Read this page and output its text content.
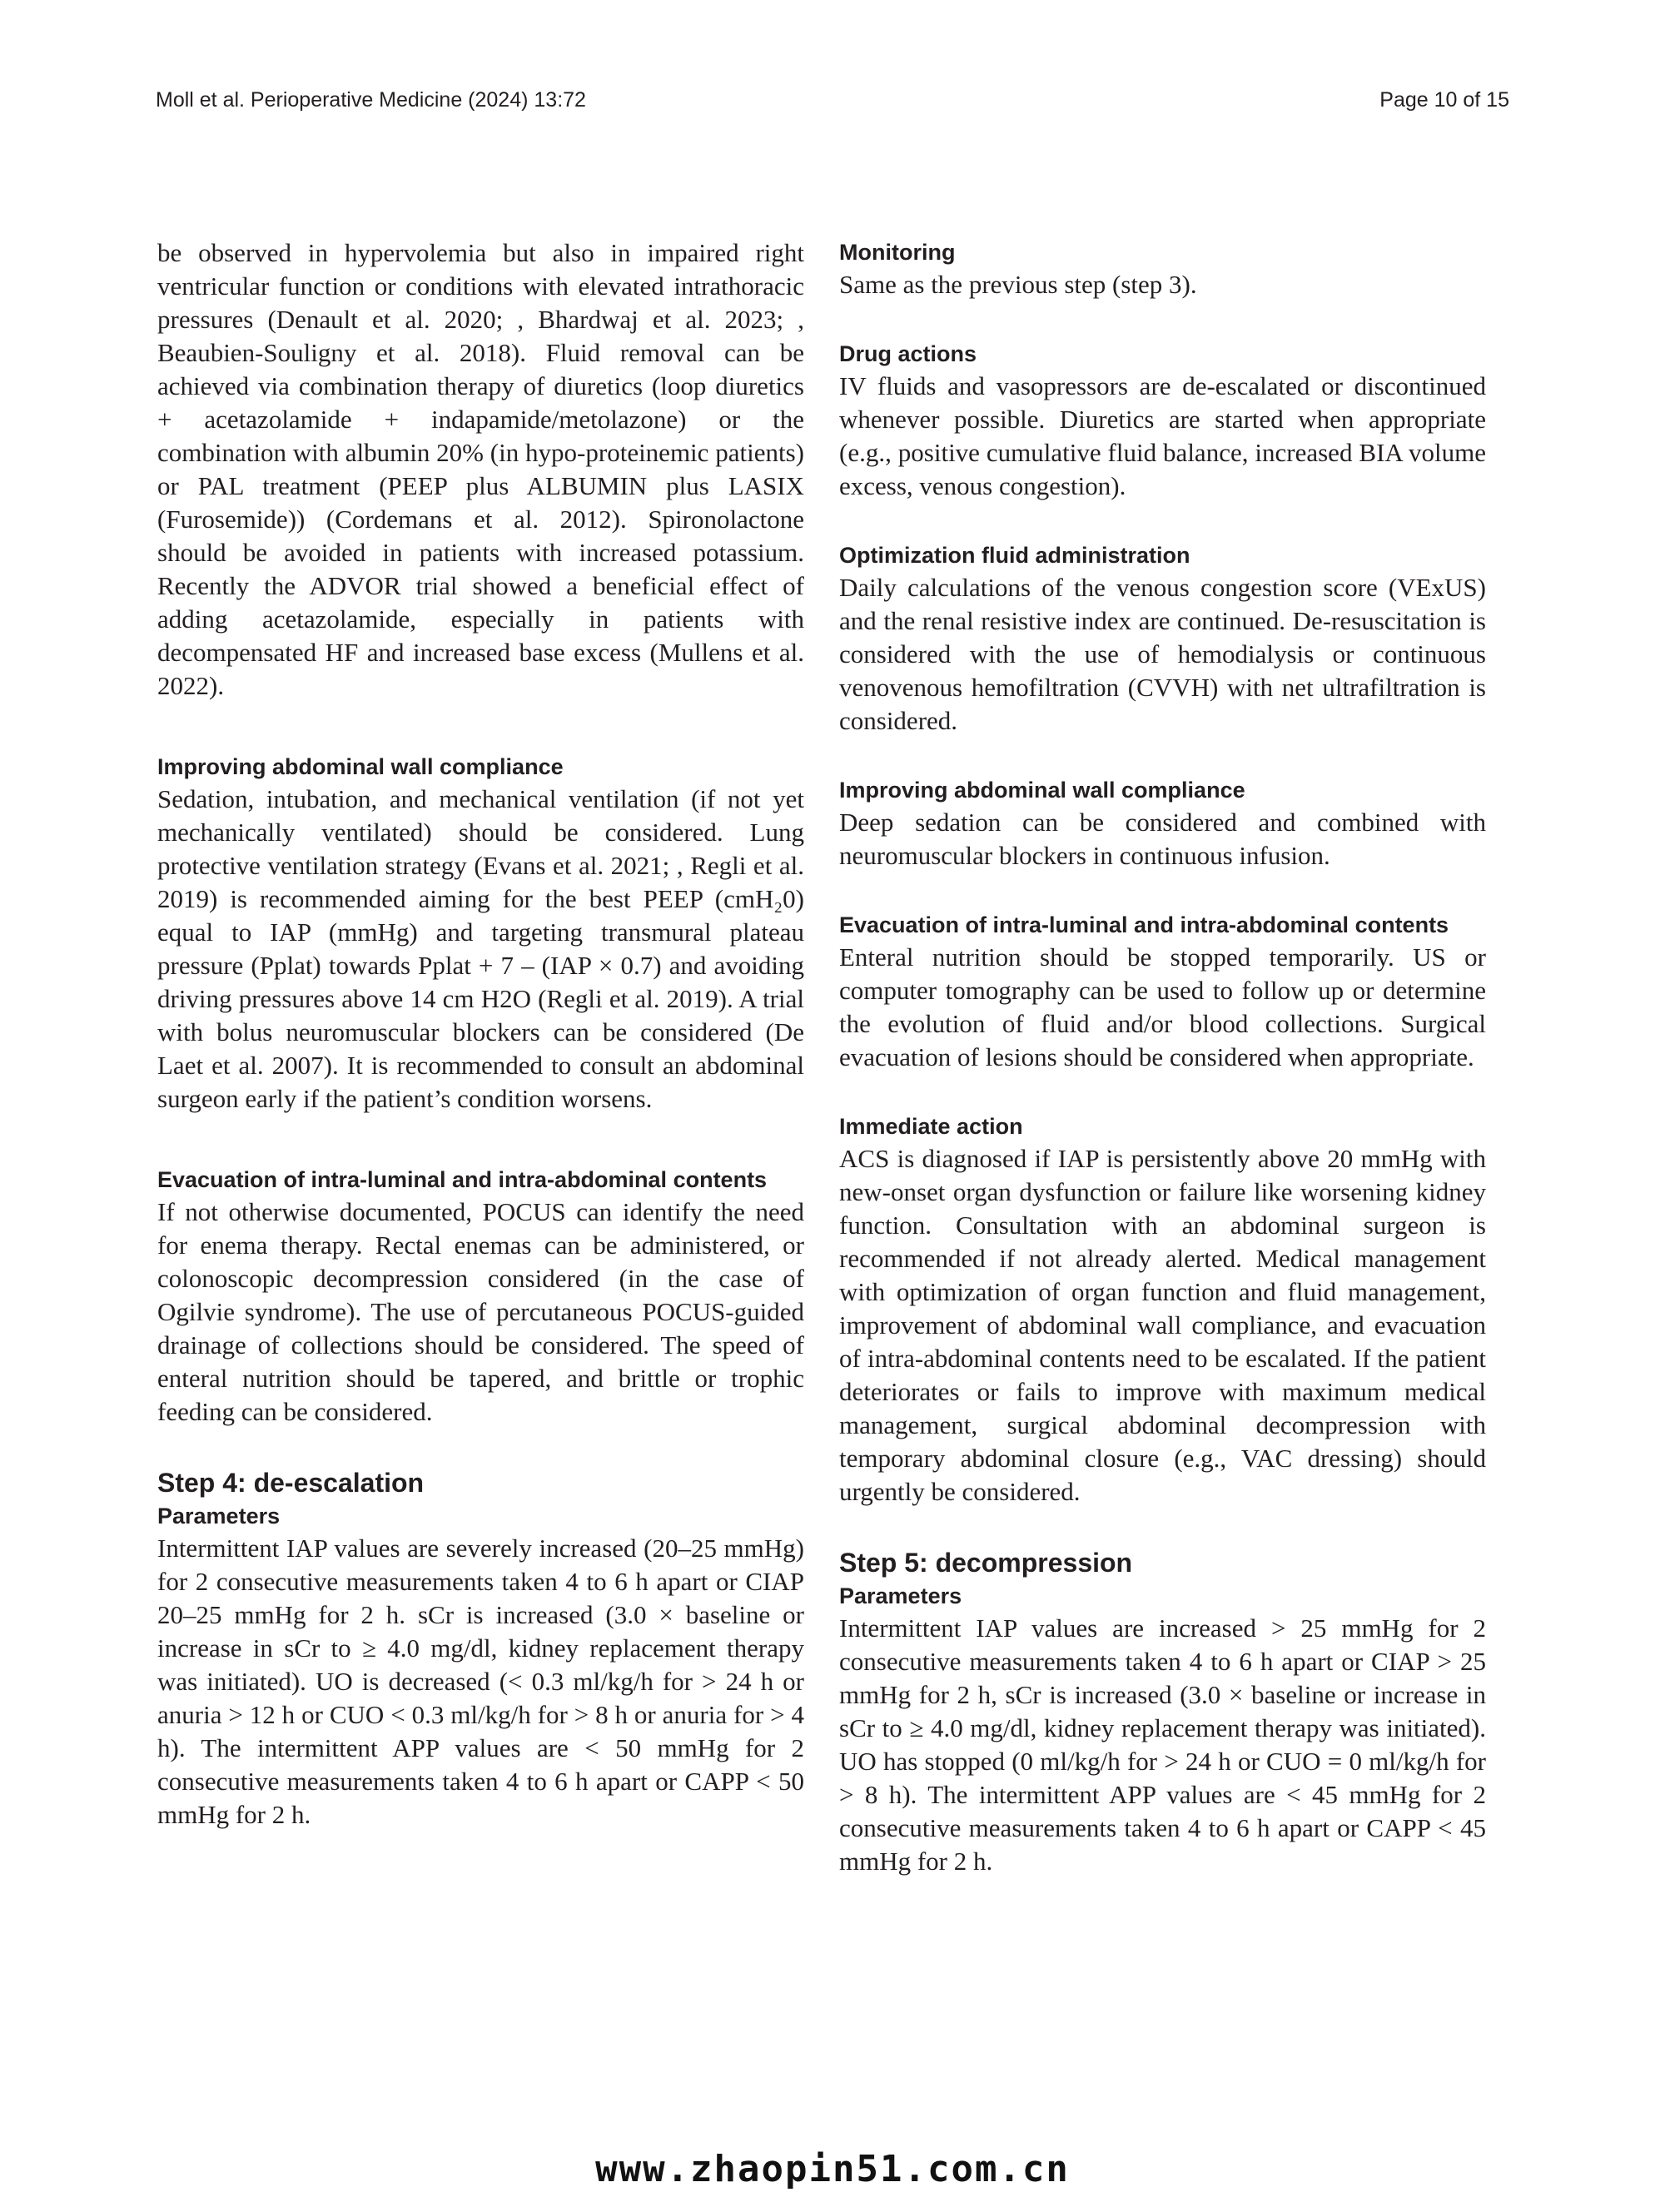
Moll et al. Perioperative Medicine (2024) 13:72	Page 10 of 15

be observed in hypervolemia but also in impaired right ventricular function or conditions with elevated intrathoracic pressures (Denault et al. 2020; , Bhardwaj et al. 2023; , Beaubien-Souligny et al. 2018). Fluid removal can be achieved via combination therapy of diuretics (loop diuretics + acetazolamide + indapamide/metolazone) or the combination with albumin 20% (in hypo-proteinemic patients) or PAL treatment (PEEP plus ALBUMIN plus LASIX (Furosemide)) (Cordemans et al. 2012). Spironolactone should be avoided in patients with increased potassium. Recently the ADVOR trial showed a beneficial effect of adding acetazolamide, especially in patients with decompensated HF and increased base excess (Mullens et al. 2022).

Improving abdominal wall compliance

Sedation, intubation, and mechanical ventilation (if not yet mechanically ventilated) should be considered. Lung protective ventilation strategy (Evans et al. 2021; , Regli et al. 2019) is recommended aiming for the best PEEP (cmH₂0) equal to IAP (mmHg) and targeting transmural plateau pressure (Pplat) towards Pplat + 7 – (IAP × 0.7) and avoiding driving pressures above 14 cm H2O (Regli et al. 2019). A trial with bolus neuromuscular blockers can be considered (De Laet et al. 2007). It is recommended to consult an abdominal surgeon early if the patient’s condition worsens.

Evacuation of intra-luminal and intra-abdominal contents

If not otherwise documented, POCUS can identify the need for enema therapy. Rectal enemas can be administered, or colonoscopic decompression considered (in the case of Ogilvie syndrome). The use of percutaneous POCUS-guided drainage of collections should be considered. The speed of enteral nutrition should be tapered, and brittle or trophic feeding can be considered.

Step 4: de-escalation
Parameters

Intermittent IAP values are severely increased (20–25 mmHg) for 2 consecutive measurements taken 4 to 6 h apart or CIAP 20–25 mmHg for 2 h. sCr is increased (3.0 × baseline or increase in sCr to ≥ 4.0 mg/dl, kidney replacement therapy was initiated). UO is decreased (< 0.3 ml/kg/h for > 24 h or anuria > 12 h or CUO < 0.3 ml/kg/h for > 8 h or anuria for > 4 h). The intermittent APP values are < 50 mmHg for 2 consecutive measurements taken 4 to 6 h apart or CAPP < 50 mmHg for 2 h.

Monitoring

Same as the previous step (step 3).

Drug actions

IV fluids and vasopressors are de-escalated or discontinued whenever possible. Diuretics are started when appropriate (e.g., positive cumulative fluid balance, increased BIA volume excess, venous congestion).

Optimization fluid administration

Daily calculations of the venous congestion score (VExUS) and the renal resistive index are continued. De-resuscitation is considered with the use of hemodialysis or continuous venovenous hemofiltration (CVVH) with net ultrafiltration is considered.

Improving abdominal wall compliance

Deep sedation can be considered and combined with neuromuscular blockers in continuous infusion.

Evacuation of intra-luminal and intra-abdominal contents

Enteral nutrition should be stopped temporarily. US or computer tomography can be used to follow up or determine the evolution of fluid and/or blood collections. Surgical evacuation of lesions should be considered when appropriate.

Immediate action

ACS is diagnosed if IAP is persistently above 20 mmHg with new-onset organ dysfunction or failure like worsening kidney function. Consultation with an abdominal surgeon is recommended if not already alerted. Medical management with optimization of organ function and fluid management, improvement of abdominal wall compliance, and evacuation of intra-abdominal contents need to be escalated. If the patient deteriorates or fails to improve with maximum medical management, surgical abdominal decompression with temporary abdominal closure (e.g., VAC dressing) should urgently be considered.

Step 5: decompression
Parameters

Intermittent IAP values are increased > 25 mmHg for 2 consecutive measurements taken 4 to 6 h apart or CIAP > 25 mmHg for 2 h, sCr is increased (3.0 × baseline or increase in sCr to ≥ 4.0 mg/dl, kidney replacement therapy was initiated). UO has stopped (0 ml/kg/h for > 24 h or CUO = 0 ml/kg/h for > 8 h). The intermittent APP values are < 45 mmHg for 2 consecutive measurements taken 4 to 6 h apart or CAPP < 45 mmHg for 2 h.

www.zhaopin51.com.cn
